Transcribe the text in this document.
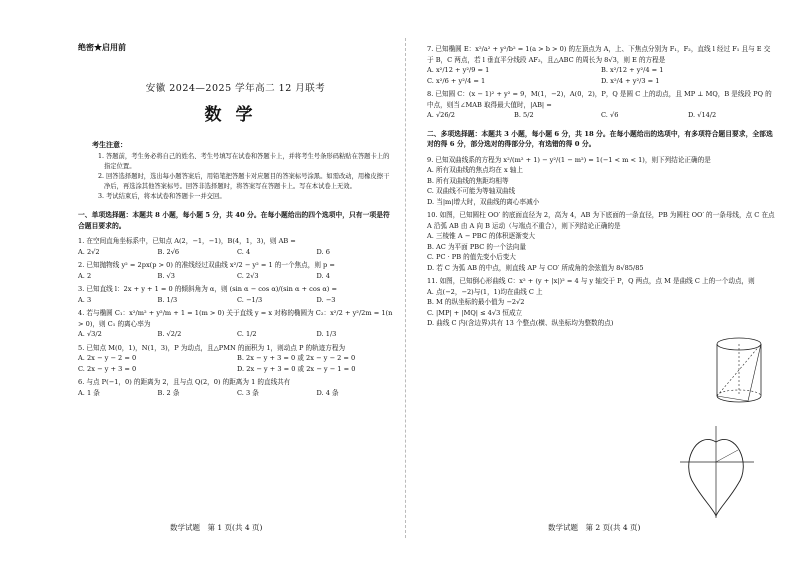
绝密★启用前
安徽 2024—2025 学年高二 12 月联考
数学
考生注意：
1. 答题前，考生务必将自己的姓名、考生号填写在试卷和答题卡上，并将考生号条形码粘贴在答题卡上的指定位置。
2. 回答选择题时，选出每小题答案后，用铅笔把答题卡对应题目的答案标号涂黑。如需改动，用橡皮擦干净后，再选涂其他答案标号。回答非选择题时，将答案写在答题卡上。写在本试卷上无效。
3. 考试结束后，将本试卷和答题卡一并交回。
一、单项选择题：本题共 8 小题，每小题 5 分，共 40 分。在每小题给出的四个选项中，只有一项是符合题目要求的。
1. 在空间直角坐标系中，已知点 A(2，−1，−1)，B(4，1，3)，则 AB =
A. 2√2	B. 2√6	C. 4	D. 6
2. 已知抛物线 y² = 2px(p > 0) 的准线经过双曲线 x²/2 − y² = 1 的一个焦点，则 p =
A. 2	B. √3	C. 2√3	D. 4
3. 已知直线 l：2x + y + 1 = 0 的倾斜角为 α，则 (sin α − cos α)/(sin α + cos α) =
A. 3	B. 1/3	C. −1/3	D. −3
4. 若与椭圆 C₁：x²/m² + y²/m + 1 = 1(m > 0) 关于直线 y = x 对称的椭圆为 C₂：x²/2 + y²/2m = 1(n > 0)，则 C₁ 的离心率为
A. √3/2	B. √2/2	C. 1/2	D. 1/3
5. 已知点 M(0，1)，N(1，3)，P 为动点，且△PMN 的面积为 1，则动点 P 的轨迹方程为
A. 2x − y − 2 = 0	B. 2x − y + 3 = 0 或 2x − y − 2 = 0
C. 2x − y + 3 = 0	D. 2x − y + 3 = 0 或 2x − y − 1 = 0
6. 与点 P(−1，0) 的距离为 2，且与点 Q(2，0) 的距离为 1 的直线共有
A. 1 条	B. 2 条	C. 3 条	D. 4 条
7. 已知椭圆 E：x²/a² + y²/b² = 1(a > b > 0) 的左顶点为 A，上、下焦点分别为 F₁，F₂，直线 l 经过 F₁ 且与 E 交于 B，C 两点，若 l 垂直平分线段 AF₂，且△ABC 的周长为 8√3，则 E 的方程是
A. x²/12 + y²/9 = 1	B. x²/12 + y²/4 = 1
C. x²/6 + y²/4 = 1	D. x²/4 + y²/3 = 1
8. 已知圆 C：(x − 1)² + y² = 9，M(1，−2)，A(0，2)，P，Q 是圆 C 上的动点，且 MP ⊥ MQ，B 是线段 PQ 的中点，则当∠MAB 取得最大值时，|AB| =
A. √26/2	B. 5/2	C. √6	D. √14/2
二、多项选择题：本题共 3 小题，每小题 6 分，共 18 分。在每小题给出的选项中，有多项符合题目要求，全部选对的得 6 分，部分选对的得部分分，有选错的得 0 分。
9. 已知双曲线系的方程为 x²/(m² + 1) − y²/(1 − m²) = 1(−1 < m < 1)，则下列结论正确的是
A. 所有双曲线的焦点均在 x 轴上
B. 所有双曲线的焦距均相等
C. 双曲线不可能为等轴双曲线
D. 当|m|增大时，双曲线的离心率减小
10. 如图，已知圆柱 OO′ 的底面直径为 2，高为 4，AB 为下底面的一条直径，PB 为圆柱 OO′ 的一条母线，点 C 在点 A 沿弧 AB 由 A 向 B 运动（与端点不重合），则下列结论正确的是
A. 三棱锥 A − PBC 的体积逐渐变大
B. AC 为平面 PBC 的一个法向量
C. PC · PB 的值先变小后变大
D. 若 C 为弧 AB 的中点，则直线 AP 与 CO′ 所成角的余弦值为 8√85/85
11. 如图，已知倒心形曲线 C：x² + (y + |x|)² = 4 与 y 轴交于 P，Q 两点，点 M 是曲线 C 上的一个动点，则
A. 点(−2，−2)与(1，1)均在曲线 C 上
B. M 的纵坐标的最小值为 −2√2
C. |MP| + |MQ| ≤ 4√3 恒成立
D. 曲线 C 内(含边界)共有 13 个整点(横、纵坐标均为整数的点)
数学试题　第 1 页(共 4 页)	数学试题　第 2 页(共 4 页)
